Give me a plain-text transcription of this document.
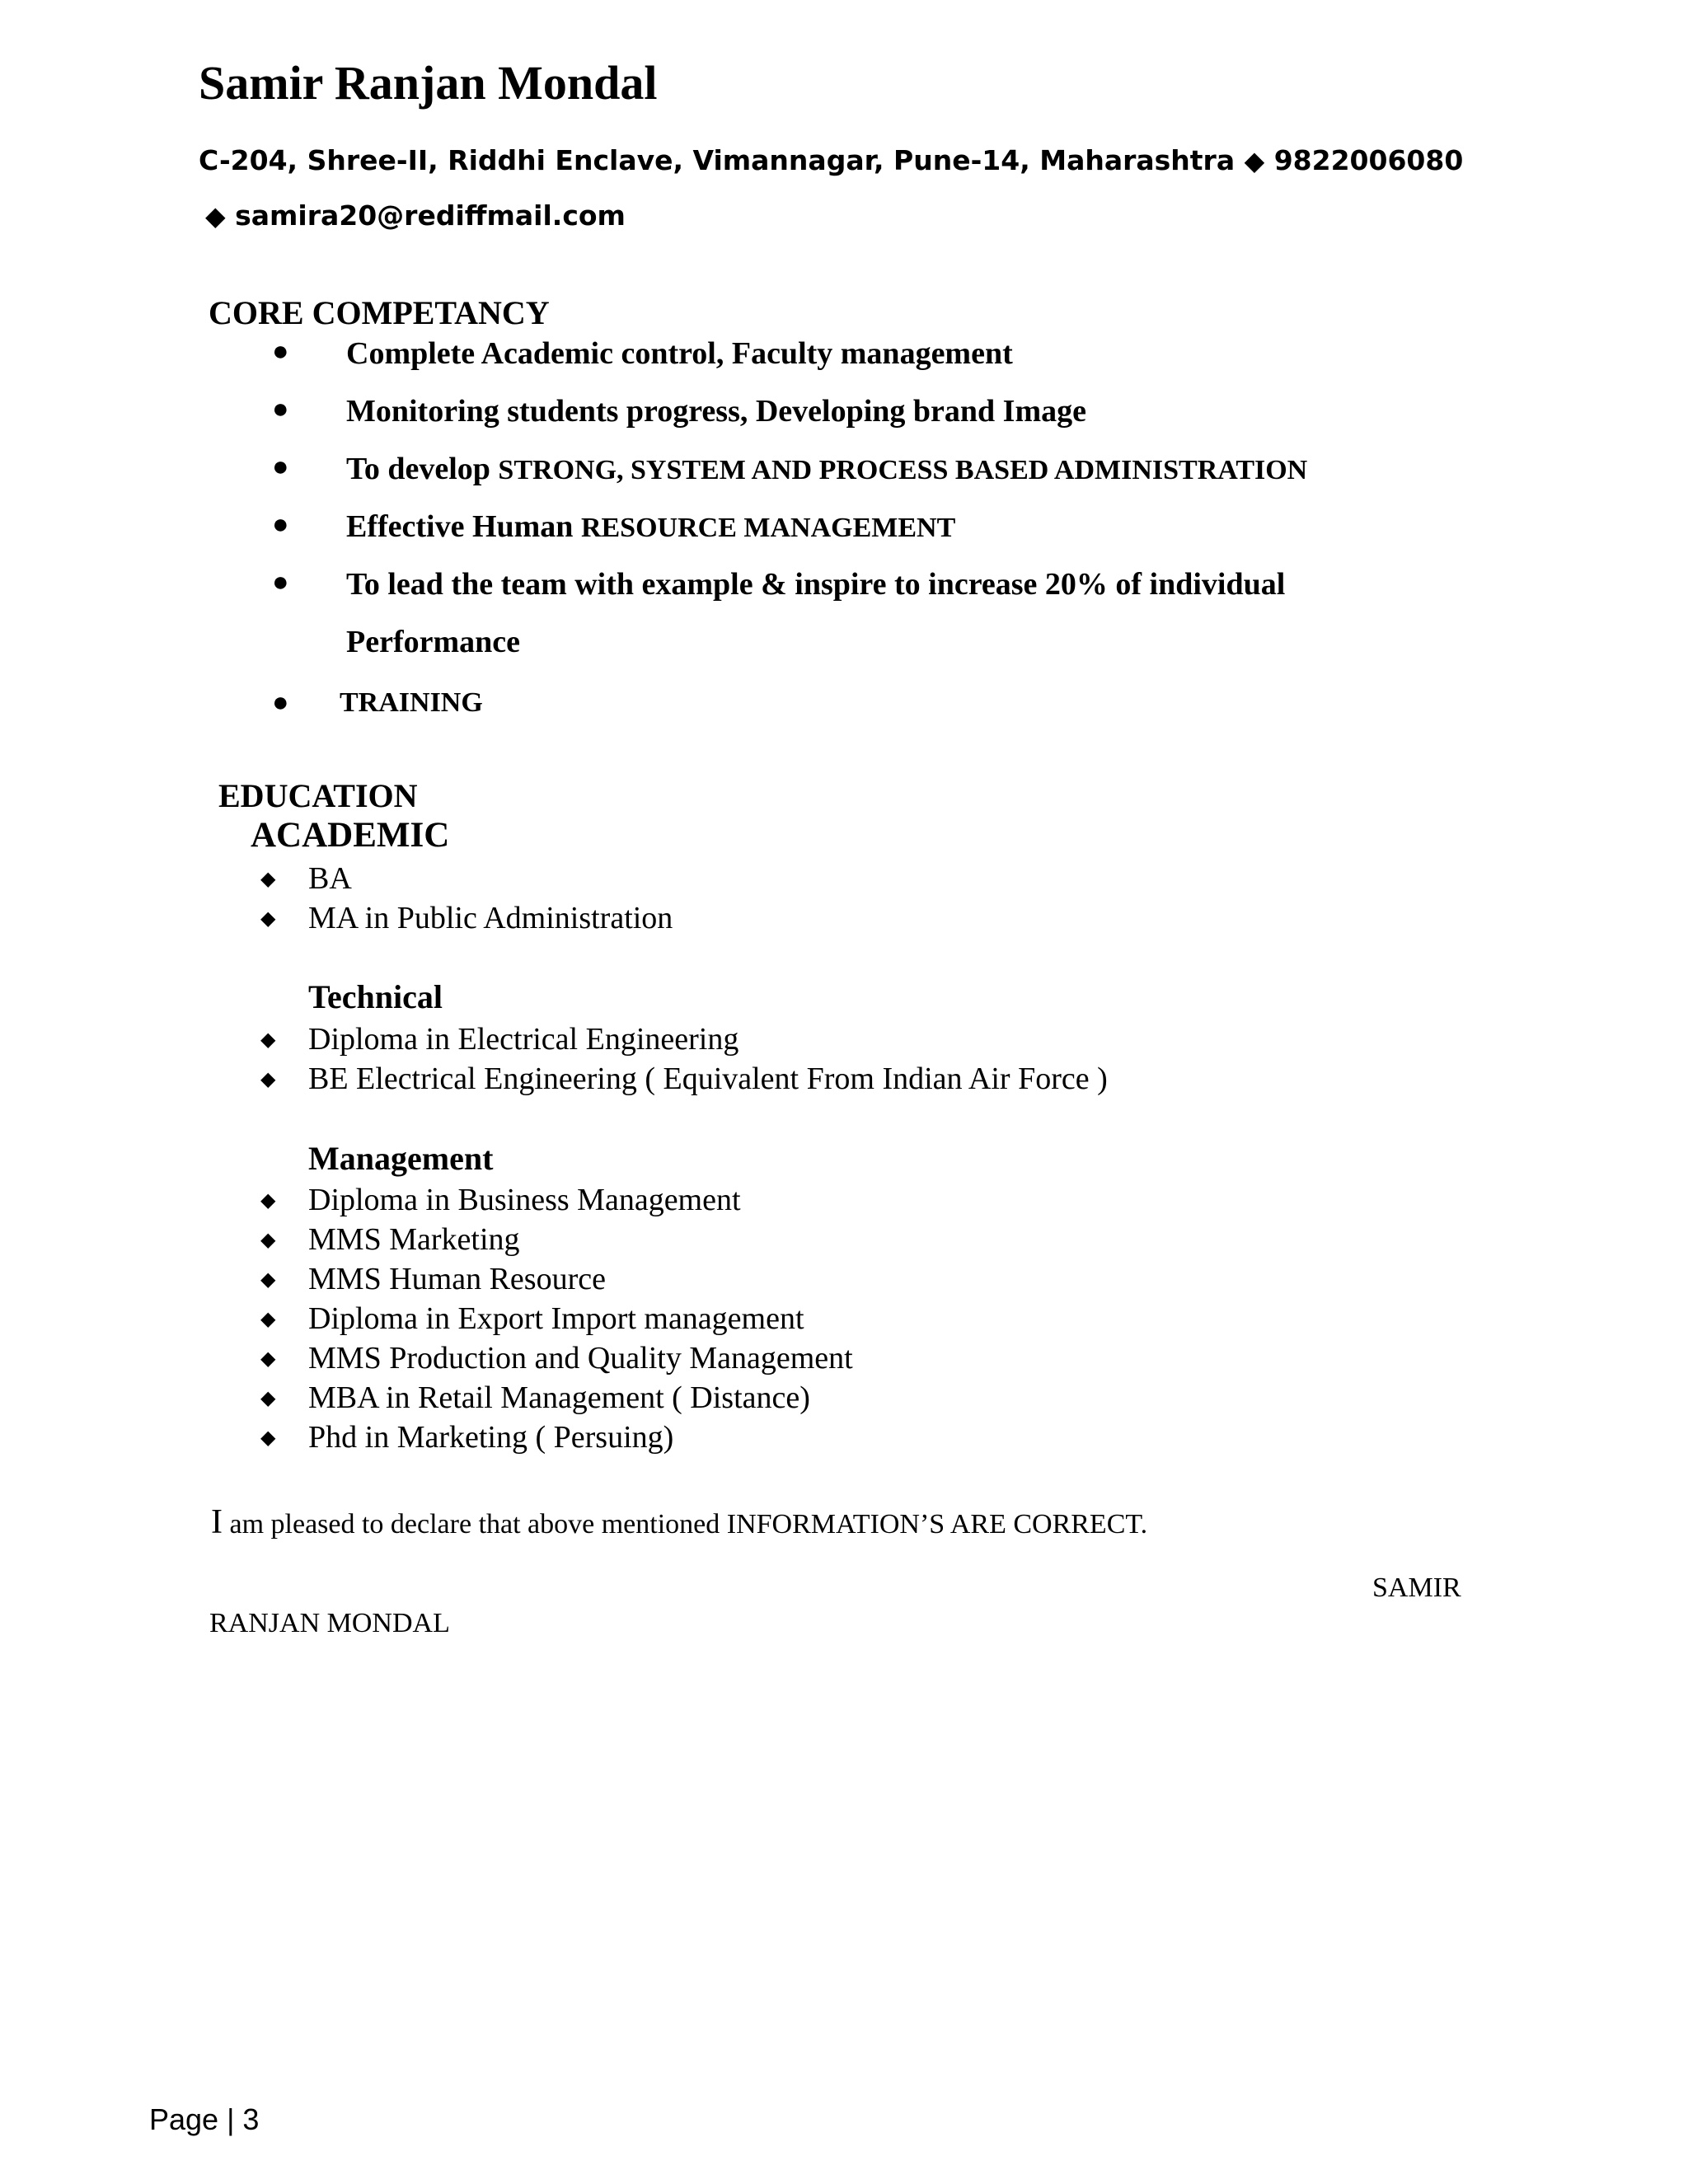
Samir Ranjan Mondal
C-204, Shree-II, Riddhi Enclave, Vimannagar, Pune-14, Maharashtra ◆ 9822006080
◆ samira20@rediffmail.com
CORE COMPETANCY
● Complete Academic control, Faculty management
● Monitoring students progress, Developing brand Image
● To develop STRONG, SYSTEM AND PROCESS BASED ADMINISTRATION
● Effective Human RESOURCE MANAGEMENT
● To lead the team with example & inspire to increase 20% of individual
Performance
● TRAINING
EDUCATION
ACADEMIC
◆ BA
◆ MA in Public Administration
Technical
◆ Diploma in Electrical Engineering
◆ BE Electrical Engineering ( Equivalent From Indian Air Force )
Management
◆ Diploma in Business Management
◆ MMS Marketing
◆ MMS Human Resource
◆ Diploma in Export Import management
◆ MMS Production and Quality Management
◆ MBA in Retail Management ( Distance)
◆ Phd in Marketing ( Persuing)
I am pleased to declare that above mentioned INFORMATION’S ARE CORRECT.
SAMIR
RANJAN MONDAL
Page | 3
